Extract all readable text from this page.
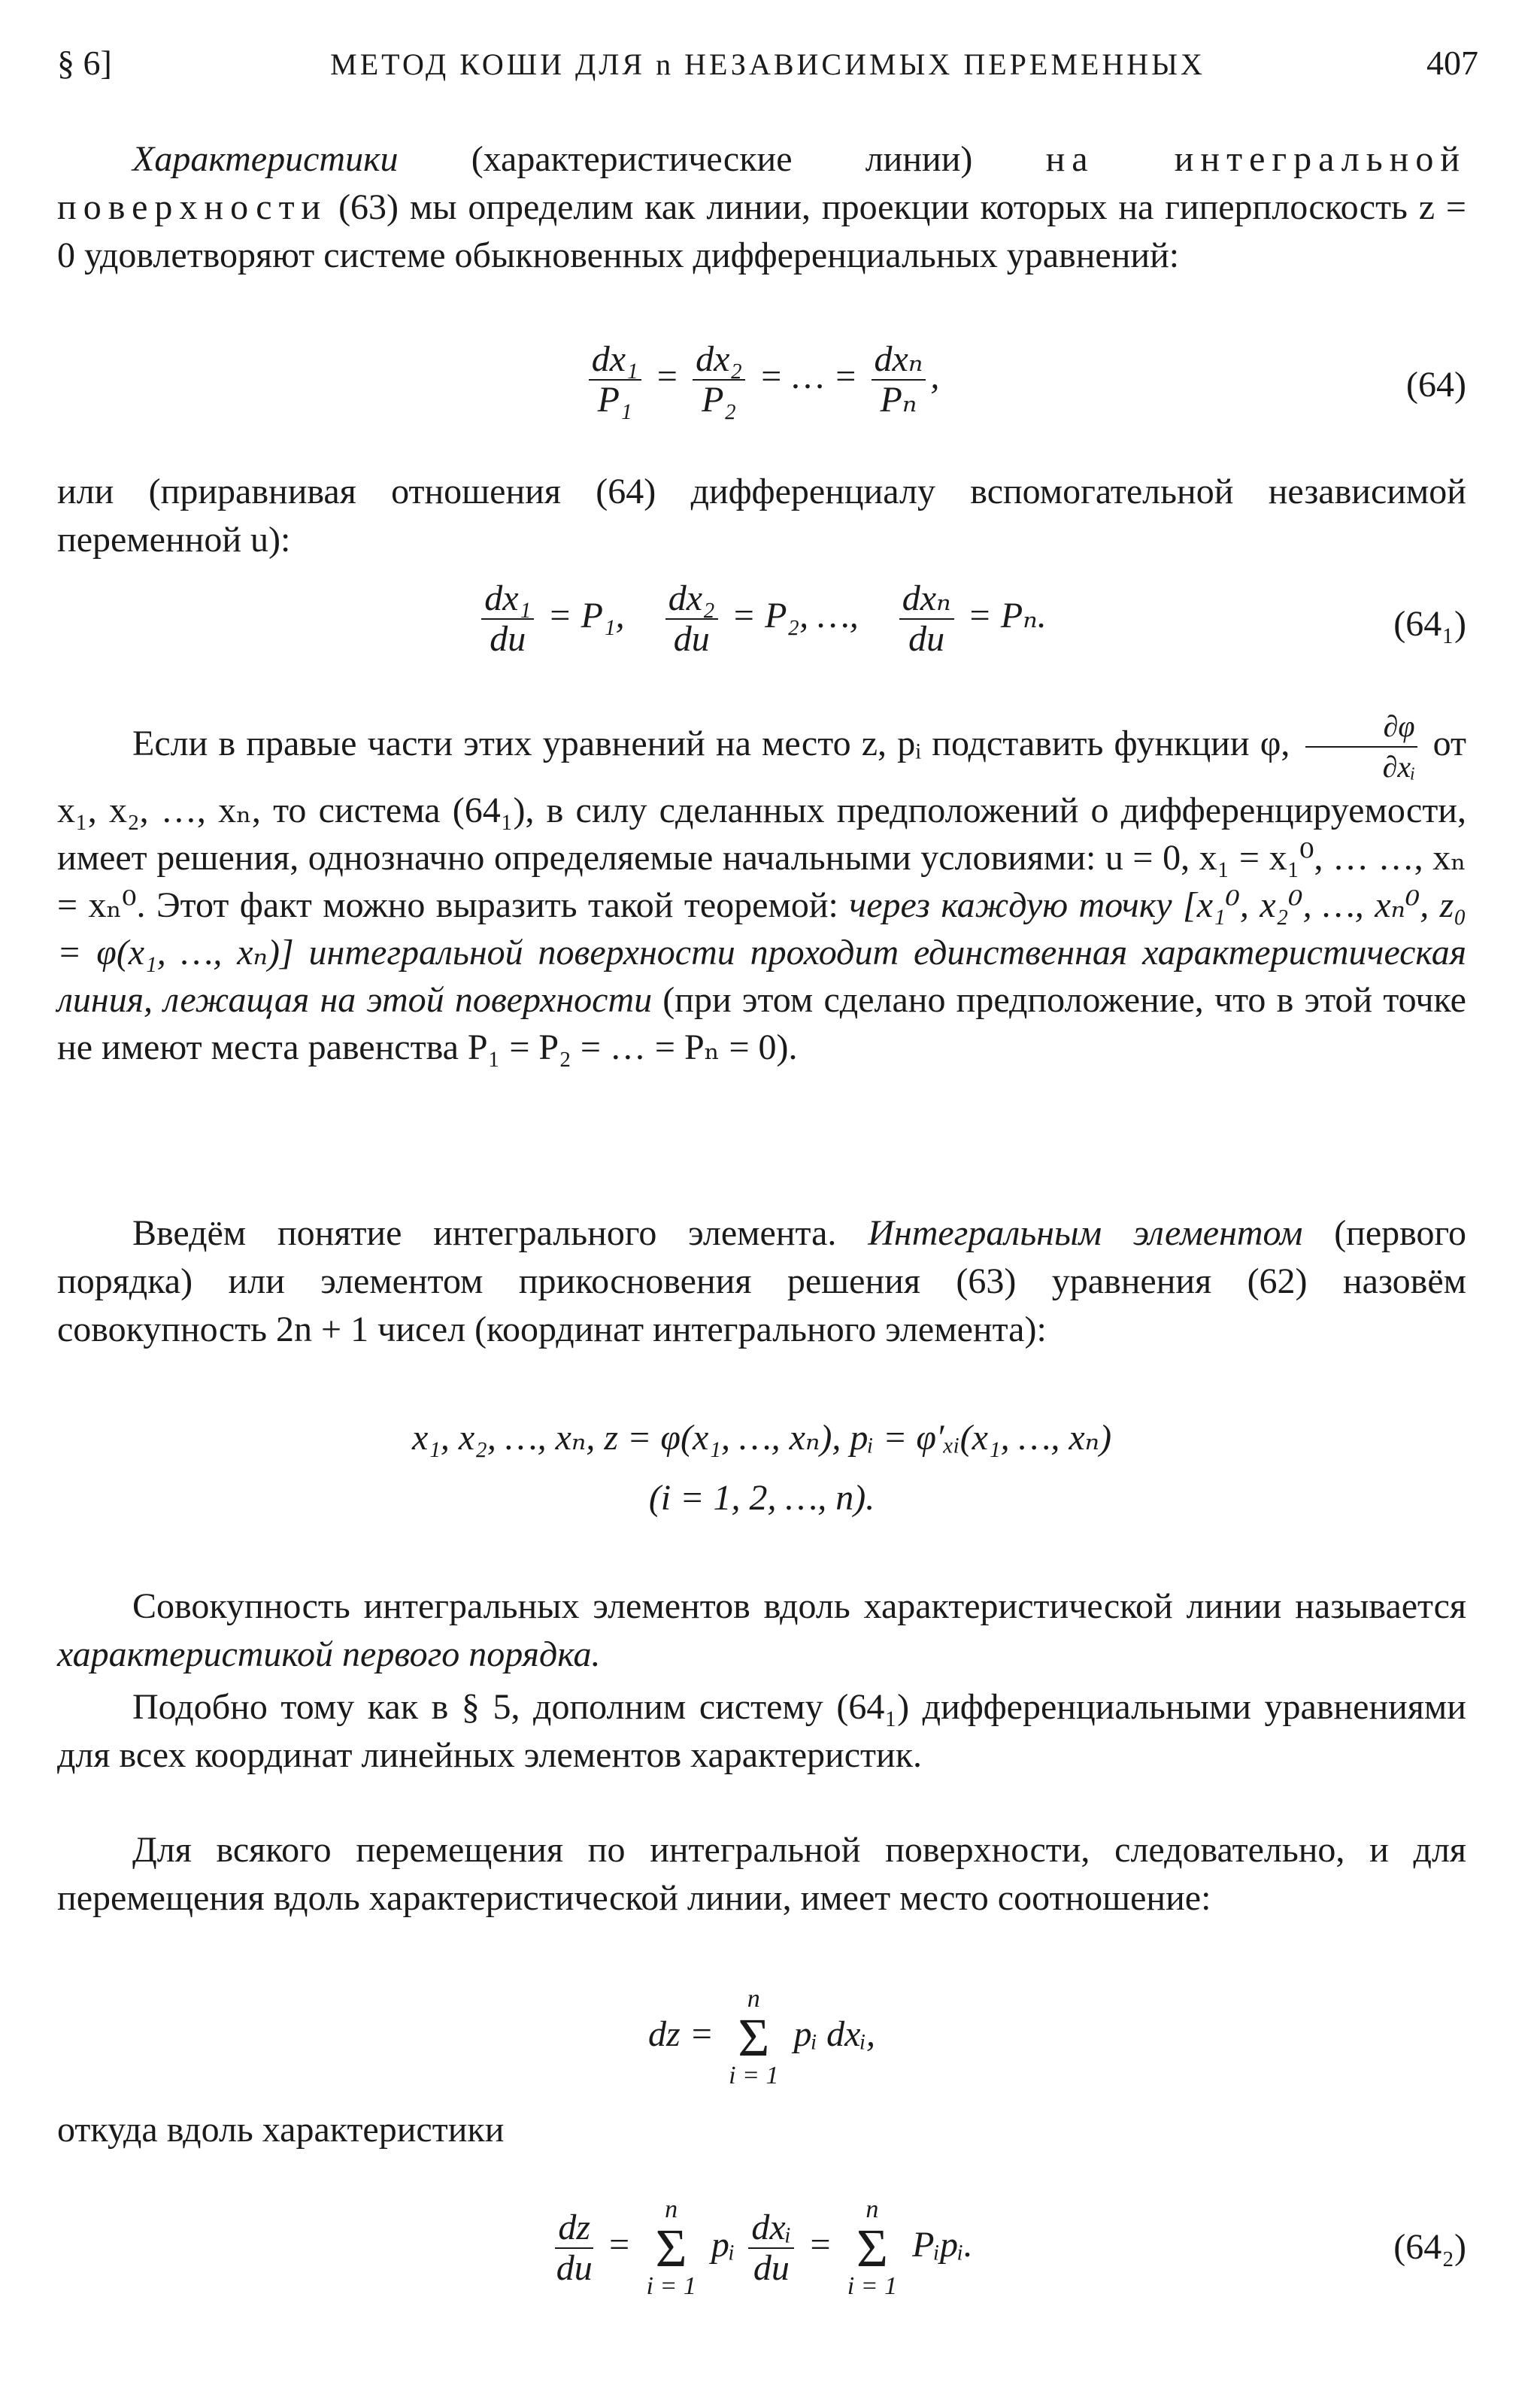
§ 6]	МЕТОД КОШИ ДЛЯ n НЕЗАВИСИМЫХ ПЕРЕМЕННЫХ	407
Характеристики (характеристические линии) на интегральной поверхности (63) мы определим как линии, проекции которых на гиперплоскость z = 0 удовлетворяют системе обыкновенных дифференциальных уравнений:
$\frac{\text{dx₁}}{\text{P₁}} = \frac{\text{dx₂}}{\text{P₂}}$ = … = $\frac{\text{dxₙ}}{\text{Pₙ}}$ ,	(64)
или (приравнивая отношения (64) дифференциалу вспомогательной независимой переменной u):
$\frac{\text{dx₁}}{du} = P_1$, $\frac{\text{dx₂}}{du} = P_2$, …, $\frac{\text{dxₙ}}{du} = P_n$.	(64₁)
Если в правые части этих уравнений на место z, pᵢ подставить функции φ, $\frac{\partial\varphi}{\text{∂xᵢ}}$ от x₁, x₂, …, xₙ, то система (64₁), в силу сделанных предположений о дифференцируемости, имеет решения, однозначно определяемые начальными условиями: u = 0, x₁ = x₁⁰, … …, xₙ = xₙ⁰. Этот факт можно выразить такой теоремой: через каждую точку [x₁⁰, x₂⁰, …, xₙ⁰, z₀ = φ(x₁, …, xₙ)] интегральной поверхности проходит единственная характеристическая линия, лежащая на этой поверхности (при этом сделано предположение, что в этой точке не имеют места равенства P₁ = P₂ = … = Pₙ = 0).
Введём понятие интегрального элемента. Интегральным элементом (первого порядка) или элементом прикосновения решения (63) уравнения (62) назовём совокупность 2n + 1 чисел (координат интегрального элемента):
x₁, x₂, …, xₙ, z = φ(x₁, …, xₙ), pᵢ = φ′ₓᵢ(x₁, …, xₙ)
(i = 1, 2, …, n).
Совокупность интегральных элементов вдоль характеристической линии называется характеристикой первого порядка.
Подобно тому как в § 5, дополним систему (64₁) дифференциальными уравнениями для всех координат линейных элементов характеристик.
Для всякого перемещения по интегральной поверхности, следовательно, и для перемещения вдоль характеристической линии, имеет место соотношение:
dz =
n
Σ
i = 1
pᵢ dxᵢ,
откуда вдоль характеристики
$\frac{dz}{du}$ =
n
Σ
i = 1
pᵢ $\frac{\text{dxᵢ}}{du}$ =
n
Σ
i = 1
Pᵢpᵢ.	(64₂)
